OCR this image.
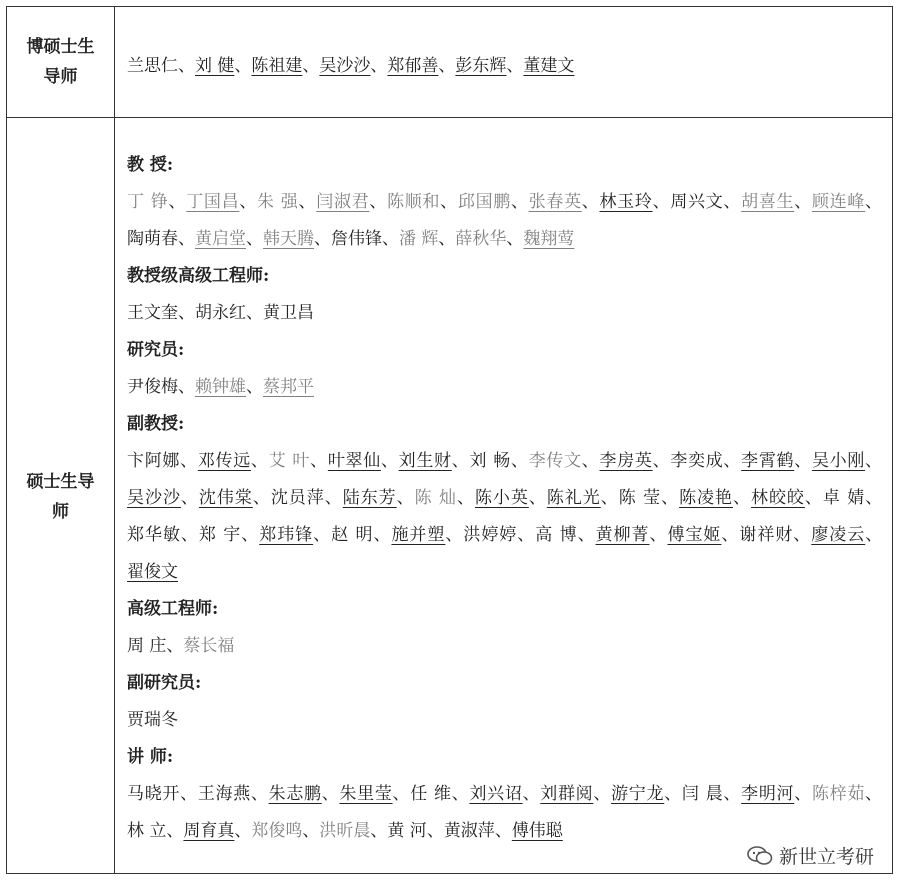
博硕士生
导师
兰思仁、刘 健、陈祖建、吴沙沙、郑郁善、彭东辉、董建文
硕士生导
师
教 授:
丁 铮、丁国昌、朱 强、闫淑君、陈顺和、邱国鹏、张春英、林玉玲、周兴文、胡喜生、顾连峰、陶萌春、黄启堂、韩天腾、詹伟锋、潘 辉、薛秋华、魏翔莺
教授级高级工程师:
王文奎、胡永红、黄卫昌
研究员:
尹俊梅、赖钟雄、蔡邦平
副教授:
卞阿娜、邓传远、艾 叶、叶翠仙、刘生财、刘 畅、李传文、李房英、李奕成、李霄鹤、吴小刚、吴沙沙、沈伟棠、沈员萍、陆东芳、陈 灿、陈小英、陈礼光、陈 莹、陈凌艳、林皎皎、卓 婧、郑华敏、郑 宇、郑玮锋、赵 明、施并塑、洪婷婷、高 博、黄柳菁、傅宝姬、谢祥财、廖凌云、翟俊文
高级工程师:
周 庄、蔡长福
副研究员:
贾瑞冬
讲 师:
马晓开、王海燕、朱志鹏、朱里莹、任 维、刘兴诏、刘群阅、游宁龙、闫 晨、李明河、陈梓茹、林 立、周育真、郑俊鸣、洪昕晨、黄 河、黄淑萍、傅伟聪
新世立考研
